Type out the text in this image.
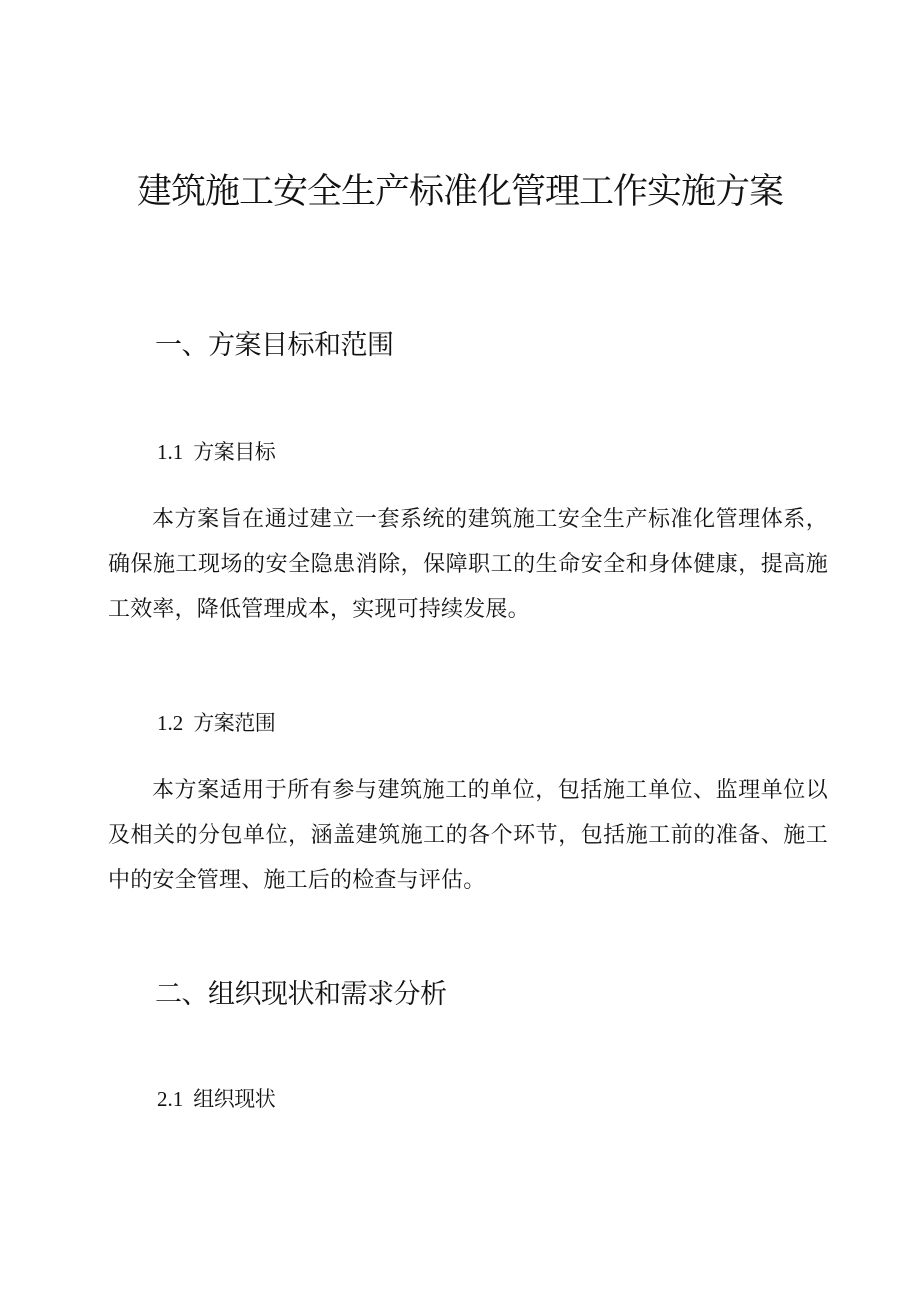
建筑施工安全生产标准化管理工作实施方案
一、方案目标和范围
1.1 方案目标
本方案旨在通过建立一套系统的建筑施工安全生产标准化管理体系，确保施工现场的安全隐患消除，保障职工的生命安全和身体健康，提高施工效率，降低管理成本，实现可持续发展。
1.2 方案范围
本方案适用于所有参与建筑施工的单位，包括施工单位、监理单位以及相关的分包单位，涵盖建筑施工的各个环节，包括施工前的准备、施工中的安全管理、施工后的检查与评估。
二、组织现状和需求分析
2.1 组织现状
